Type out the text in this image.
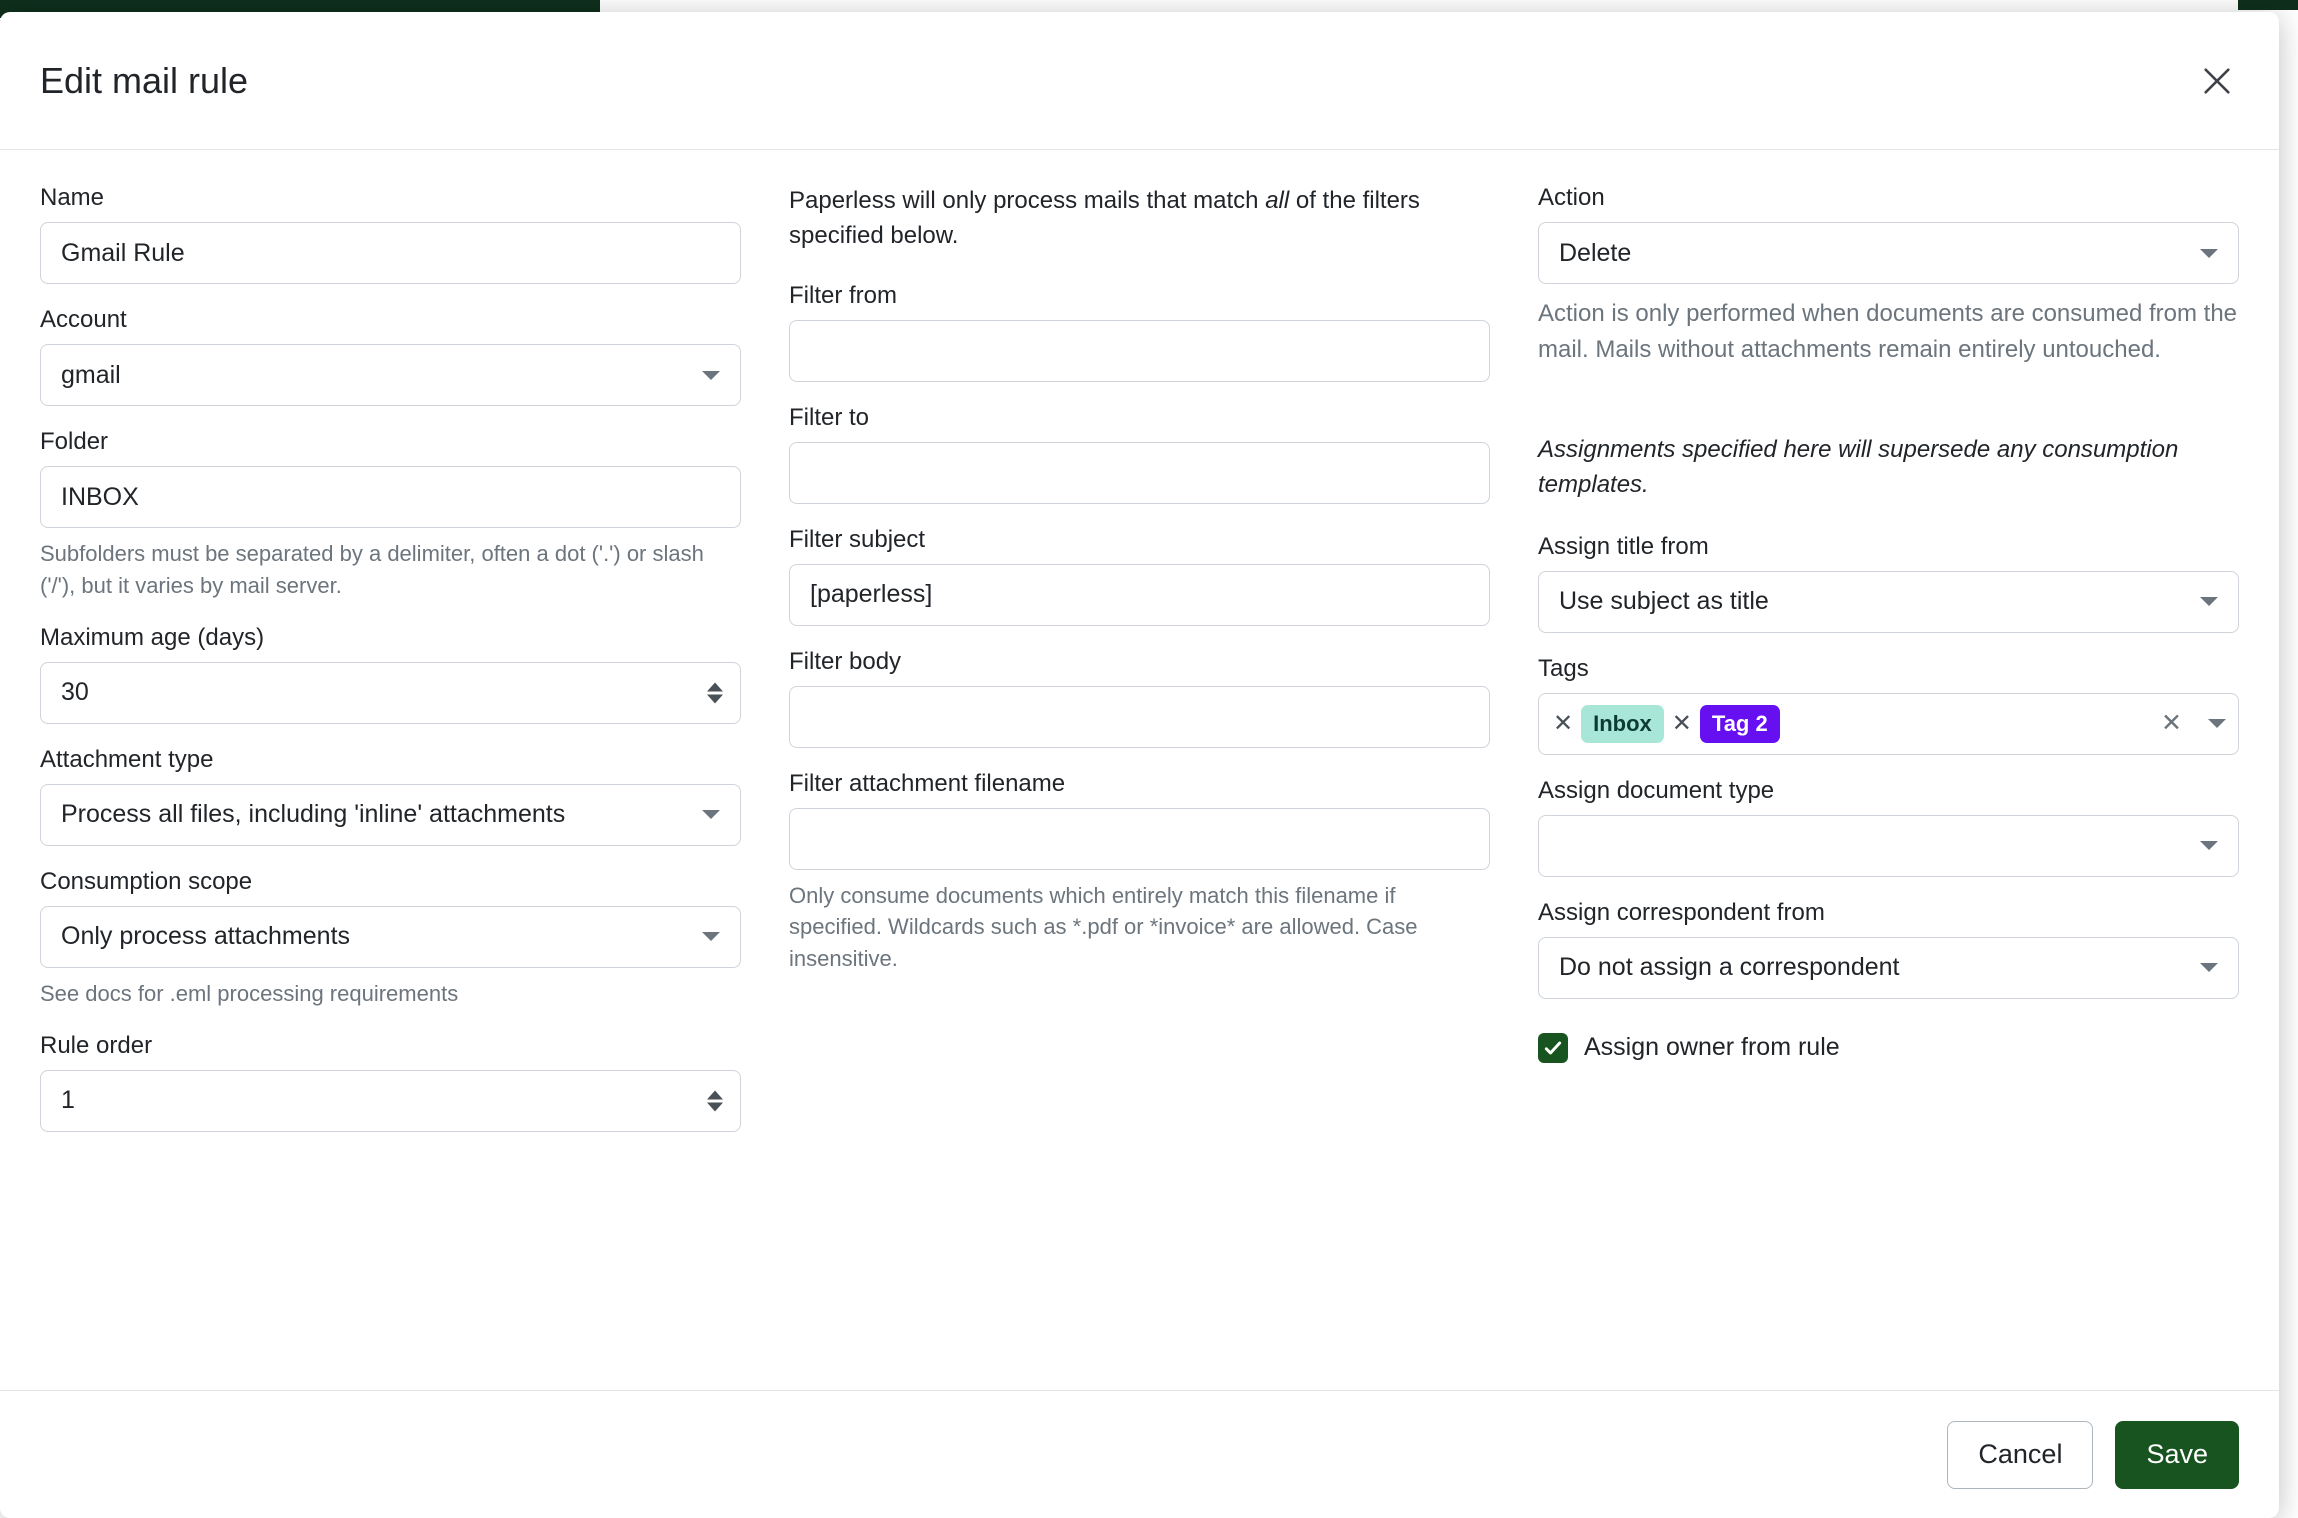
Edit mail rule
Name
Gmail Rule
Account
gmail
Folder
INBOX
Subfolders must be separated by a delimiter, often a dot ('.') or slash ('/'), but it varies by mail server.
Maximum age (days)
30
Attachment type
Process all files, including 'inline' attachments
Consumption scope
Only process attachments
See docs for .eml processing requirements
Rule order
1
Paperless will only process mails that match all of the filters specified below.
Filter from
Filter to
Filter subject
[paperless]
Filter body
Filter attachment filename
Only consume documents which entirely match this filename if specified. Wildcards such as *.pdf or *invoice* are allowed. Case insensitive.
Action
Delete
Action is only performed when documents are consumed from the mail. Mails without attachments remain entirely untouched.
Assignments specified here will supersede any consumption templates.
Assign title from
Use subject as title
Tags
✕ Inbox ✕ Tag 2	✕
Assign document type
Assign correspondent from
Do not assign a correspondent
Assign owner from rule
Cancel	Save
